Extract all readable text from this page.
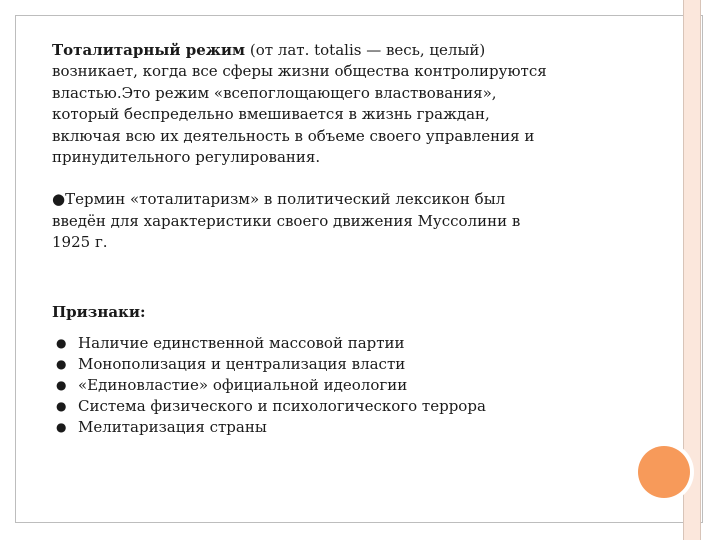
Тоталитарный режим (от лат. totalis — весь, целый) возникает, когда все сферы жизни общества контролируются властью.Это режим «всепоглощающего властвования», который беспредельно вмешивается в жизнь граждан, включая всю их деятельность в объеме своего управления и принудительного регулирования.

●Термин «тоталитаризм» в политический лексикон был введён для характеристики своего движения Муссолини в 1925 г.

Признаки:
● Наличие единственной массовой партии
● Монополизация и централизация власти
● «Единовластие» официальной идеологии
● Система физического и психологического террора
● Мелитаризация страны
